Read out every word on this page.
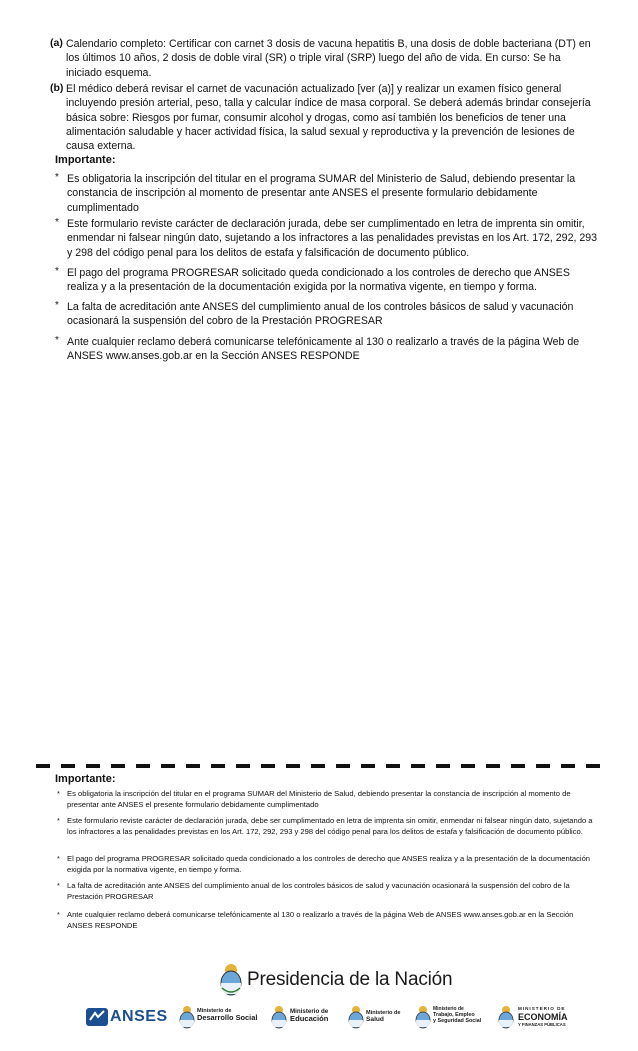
(a) Calendario completo: Certificar con carnet 3 dosis de vacuna hepatitis B, una dosis de doble bacteriana (DT) en los últimos 10 años, 2 dosis de doble viral (SR) o triple viral (SRP) luego del año de vida. En curso: Se ha iniciado esquema.
(b) El médico deberá revisar el carnet de vacunación actualizado [ver (a)] y realizar un examen físico general incluyendo presión arterial, peso, talla y calcular índice de masa corporal. Se deberá además brindar consejería básica sobre: Riesgos por fumar, consumir alcohol y drogas, como así también los beneficios de tener una alimentación saludable y hacer actividad física, la salud sexual y reproductiva y la prevención de lesiones de causa externa.
Importante:
* Es obligatoria la inscripción del titular en el programa SUMAR del Ministerio de Salud, debiendo presentar la constancia de inscripción al momento de presentar ante ANSES el presente formulario debidamente cumplimentado
* Este formulario reviste carácter de declaración jurada, debe ser cumplimentado en letra de imprenta sin omitir, enmendar ni falsear ningún dato, sujetando a los infractores a las penalidades previstas en los Art. 172, 292, 293 y 298 del código penal para los delitos de estafa y falsificación de documento público.
* El pago del programa PROGRESAR solicitado queda condicionado a los controles de derecho que ANSES realiza y a la presentación de la documentación exigida por la normativa vigente, en tiempo y forma.
* La falta de acreditación ante ANSES del cumplimiento anual de los controles básicos de salud y vacunación ocasionará la suspensión del cobro de la Prestación PROGRESAR
* Ante cualquier reclamo deberá comunicarse telefónicamente al 130 o realizarlo a través de la página Web de ANSES www.anses.gob.ar en la Sección ANSES RESPONDE
Importante:
* Es obligatoria la inscripción del titular en el programa SUMAR del Ministerio de Salud, debiendo presentar la constancia de inscripción al momento de presentar ante ANSES el presente formulario debidamente cumplimentado
* Este formulario reviste carácter de declaración jurada, debe ser cumplimentado en letra de imprenta sin omitir, enmendar ni falsear ningún dato, sujetando a los infractores a las penalidades previstas en los Art. 172, 292, 293 y 298 del código penal para los delitos de estafa y falsificación de documento público.
* El pago del programa PROGRESAR solicitado queda condicionado a los controles de derecho que ANSES realiza y a la presentación de la documentación exigida por la normativa vigente, en tiempo y forma.
* La falta de acreditación ante ANSES del cumplimiento anual de los controles básicos de salud y vacunación ocasionará la suspensión del cobro de la Prestación PROGRESAR
* Ante cualquier reclamo deberá comunicarse telefónicamente al 130 o realizarlo a través de la página Web de ANSES www.anses.gob.ar en la Sección ANSES RESPONDE
Presidencia de la Nación
ANSES	Ministerio de
Desarrollo Social
Ministerio de
Educación
Ministerio de
Salud
Ministerio de
Trabajo, Empleo
y Seguridad Social
MINISTERIO DE
ECONOMÍA
Y FINANZAS PÚBLICAS
